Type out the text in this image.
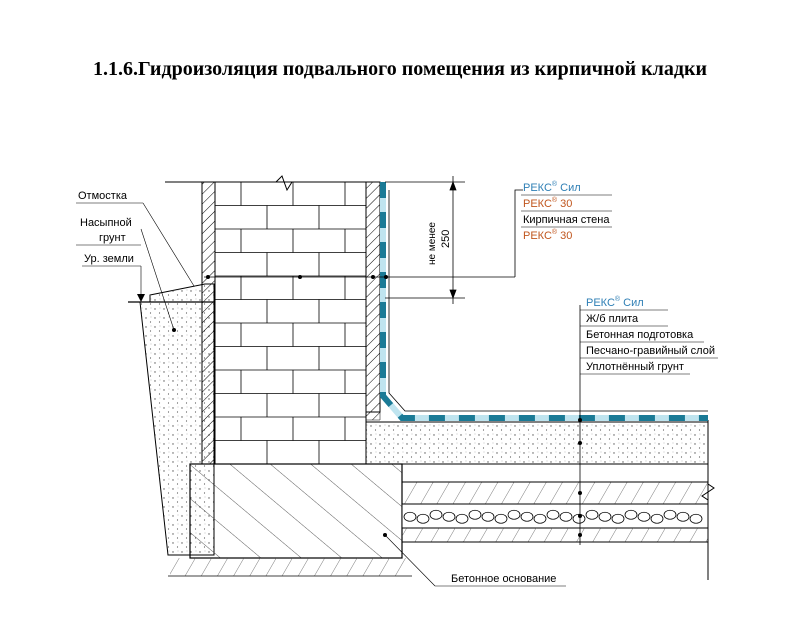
1.1.6.Гидроизоляция подвального помещения из кирпичной кладки
не менее 250
РЕКС® Сил
РЕКС® 30
Кирпичная стена
РЕКС® 30
РЕКС® Сил
Ж/б плита
Бетонная подготовка
Песчано-гравийный слой
Уплотнённый грунт
Отмостка
Насыпной
грунт
Ур. земли
Бетонное основание
